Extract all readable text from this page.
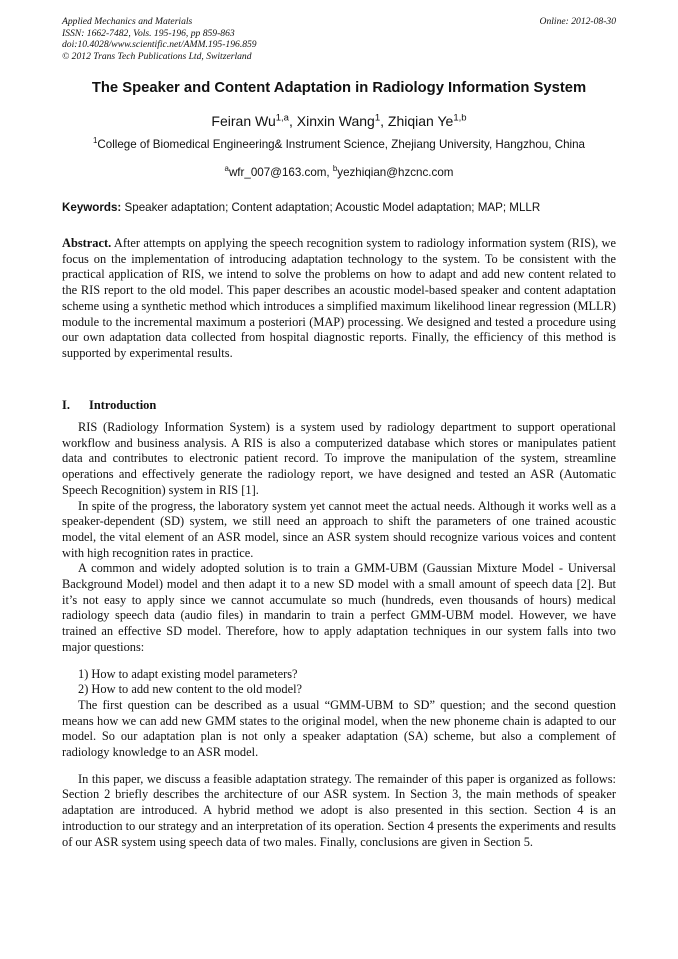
Applied Mechanics and Materials
ISSN: 1662-7482, Vols. 195-196, pp 859-863
doi:10.4028/www.scientific.net/AMM.195-196.859
© 2012 Trans Tech Publications Ltd, Switzerland
Online: 2012-08-30
The Speaker and Content Adaptation in Radiology Information System
Feiran Wu$^{1,a}$, Xinxin Wang$^1$, Zhiqian Ye$^{1,b}$
$^1$College of Biomedical Engineering& Instrument Science, Zhejiang University, Hangzhou, China
$^a$wfr_007@163.com, $^b$yezhiqian@hzcnc.com
Keywords: Speaker adaptation; Content adaptation; Acoustic Model adaptation; MAP; MLLR

Abstract. After attempts on applying the speech recognition system to radiology information system (RIS), we focus on the implementation of introducing adaptation technology to the system. To be consistent with the practical application of RIS, we intend to solve the problems on how to adapt and add new content related to the RIS report to the old model. This paper describes an acoustic model-based speaker and content adaptation scheme using a synthetic method which introduces a simplified maximum likelihood linear regression (MLLR) module to the incremental maximum a posteriori (MAP) processing. We designed and tested a procedure using our own adaptation data collected from hospital diagnostic reports. Finally, the efficiency of this method is supported by experimental results.

I. Introduction

RIS (Radiology Information System) is a system used by radiology department to support operational workflow and business analysis. A RIS is also a computerized database which stores or manipulates patient data and contributes to electronic patient record. To improve the manipulation of the system, streamline operations and effectively generate the radiology report, we have designed and tested an ASR (Automatic Speech Recognition) system in RIS [1].

In spite of the progress, the laboratory system yet cannot meet the actual needs. Although it works well as a speaker-dependent (SD) system, we still need an approach to shift the parameters of one trained acoustic model, the vital element of an ASR model, since an ASR system should recognize various voices and content with high recognition rates in practice.

A common and widely adopted solution is to train a GMM-UBM (Gaussian Mixture Model - Universal Background Model) model and then adapt it to a new SD model with a small amount of speech data [2]. But it’s not easy to apply since we cannot accumulate so much (hundreds, even thousands of hours) medical radiology speech data (audio files) in mandarin to train a perfect GMM-UBM model. However, we have trained an effective SD model. Therefore, how to apply adaptation techniques in our system falls into two major questions:

1) How to adapt existing model parameters?

2) How to add new content to the old model?

The first question can be described as a usual “GMM-UBM to SD” question; and the second question means how we can add new GMM states to the original model, when the new phoneme chain is adapted to our model. So our adaptation plan is not only a speaker adaptation (SA) scheme, but also a complement of radiology knowledge to an ASR model.

In this paper, we discuss a feasible adaptation strategy. The remainder of this paper is organized as follows: Section 2 briefly describes the architecture of our ASR system. In Section 3, the main methods of speaker adaptation are introduced. A hybrid method we adopt is also presented in this section. Section 4 is an introduction to our strategy and an interpretation of its operation. Section 4 presents the experiments and results of our ASR system using speech data of two males. Finally, conclusions are given in Section 5.
